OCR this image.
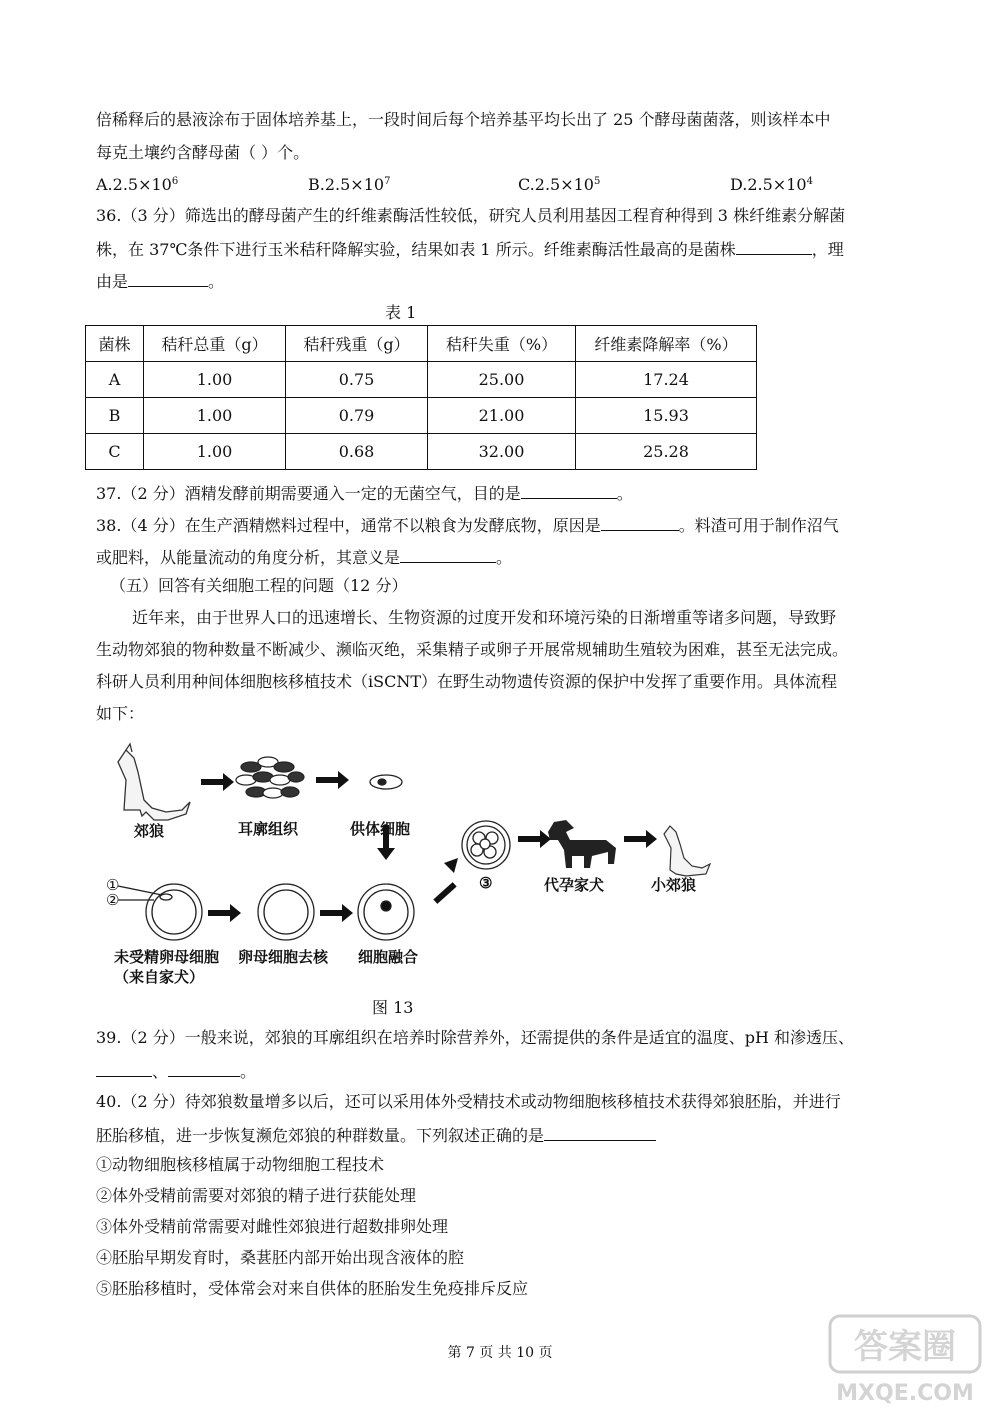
倍稀释后的悬液涂布于固体培养基上，一段时间后每个培养基平均长出了 25 个酵母菌菌落，则该样本中
每克土壤约含酵母菌（ ）个。
$A.2.5\times 10^6$	$B.2.5\times 10^7$	$C.2.5\times 10^5$	$D.2.5\times 10^4$
36.（3 分）筛选出的酵母菌产生的纤维素酶活性较低，研究人员利用基因工程育种得到 3 株纤维素分解菌
株，在 37℃条件下进行玉米秸秆降解实验，结果如表 1 所示。纤维素酶活性最高的是菌株	，理
由是	。
表 1
菌株	秸秆总重（g）	秸秆残重（g）	秸秆失重（%）	纤维素降解率（%）
A	1.00	0.75	25.00	17.24
B	1.00	0.79	21.00	15.93
C	1.00	0.68	32.00	25.28
37.（2 分）酒精发酵前期需要通入一定的无菌空气，目的是	。
38.（4 分）在生产酒精燃料过程中，通常不以粮食为发酵底物，原因是	。料渣可用于制作沼气
或肥料，从能量流动的角度分析，其意义是	。
（五）回答有关细胞工程的问题（12 分）
近年来，由于世界人口的迅速增长、生物资源的过度开发和环境污染的日渐增重等诸多问题，导致野
生动物郊狼的物种数量不断减少、濒临灭绝，采集精子或卵子开展常规辅助生殖较为困难，甚至无法完成。
科研人员利用种间体细胞核移植技术（iSCNT）在野生动物遗传资源的保护中发挥了重要作用。具体流程
如下：
郊狼	耳廓组织	供体细胞
③	代孕家犬	小郊狼
①
②
未受精卵母细胞
（来自家犬）
卵母细胞去核 细胞融合
图 13
39.（2 分）一般来说，郊狼的耳廓组织在培养时除营养外，还需提供的条件是适宜的温度、pH 和渗透压、
、	。
40.（2 分）待郊狼数量增多以后，还可以采用体外受精技术或动物细胞核移植技术获得郊狼胚胎，并进行
胚胎移植，进一步恢复濒危郊狼的种群数量。下列叙述正确的是
①动物细胞核移植属于动物细胞工程技术
②体外受精前需要对郊狼的精子进行获能处理
③体外受精前常需要对雌性郊狼进行超数排卵处理
④胚胎早期发育时，桑葚胚内部开始出现含液体的腔
⑤胚胎移植时，受体常会对来自供体的胚胎发生免疫排斥反应
第 7 页 共 10 页	答案圈
MXQE.COM
